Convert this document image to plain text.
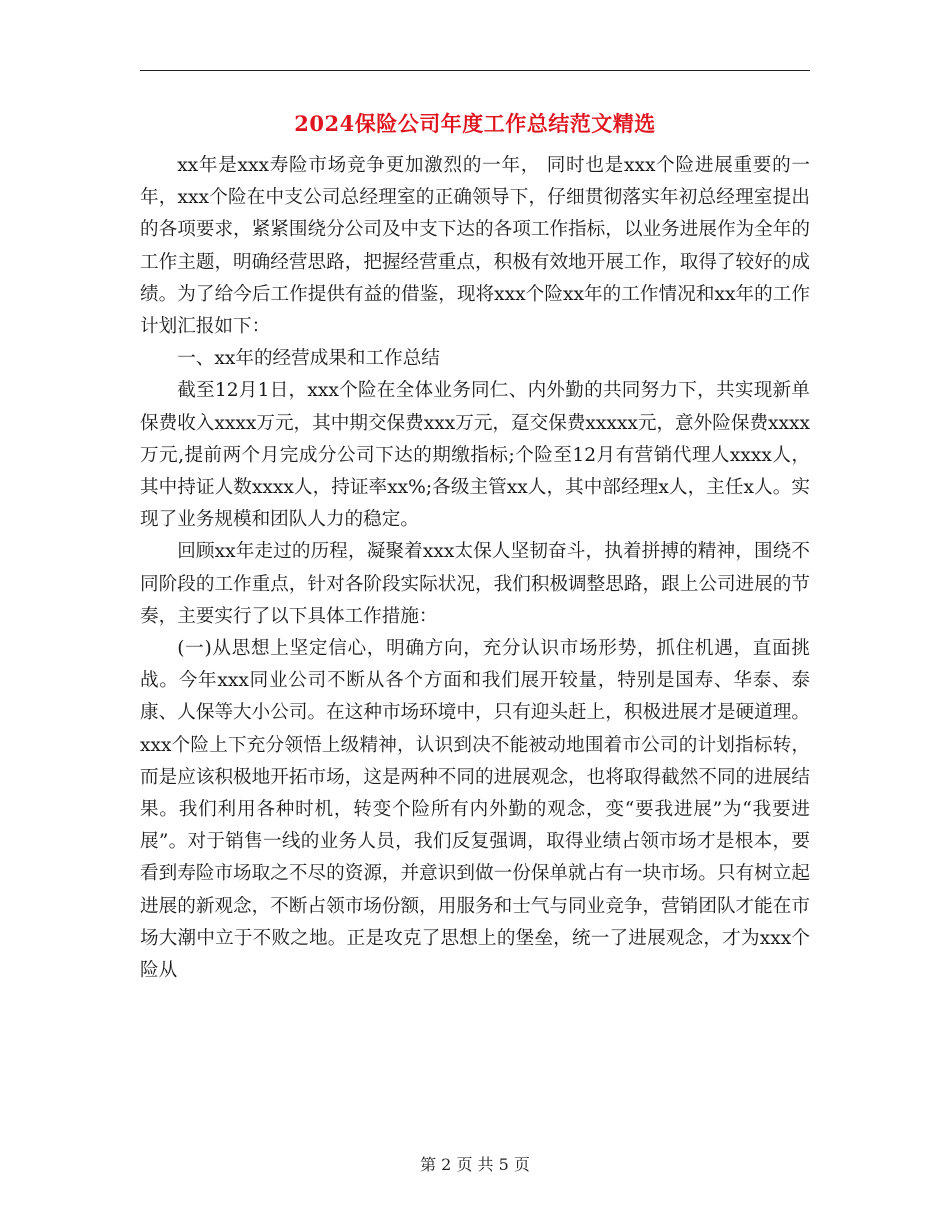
2024保险公司年度工作总结范文精选

xx年是xxx寿险市场竞争更加激烈的一年， 同时也是xxx个险进展重要的一年，xxx个险在中支公司总经理室的正确领导下，仔细贯彻落实年初总经理室提出的各项要求，紧紧围绕分公司及中支下达的各项工作指标，以业务进展作为全年的工作主题，明确经营思路，把握经营重点，积极有效地开展工作，取得了较好的成绩。为了给今后工作提供有益的借鉴，现将xxx个险xx年的工作情况和xx年的工作计划汇报如下：

一、xx年的经营成果和工作总结

截至12月1日，xxx个险在全体业务同仁、内外勤的共同努力下，共实现新单保费收入xxxx万元，其中期交保费xxx万元，趸交保费xxxxx元，意外险保费xxxx万元,提前两个月完成分公司下达的期缴指标;个险至12月有营销代理人xxxx人，其中持证人数xxxx人，持证率xx%;各级主管xx人，其中部经理x人，主任x人。实现了业务规模和团队人力的稳定。

回顾xx年走过的历程，凝聚着xxx太保人坚韧奋斗，执着拼搏的精神，围绕不同阶段的工作重点，针对各阶段实际状况，我们积极调整思路，跟上公司进展的节奏，主要实行了以下具体工作措施：

(一)从思想上坚定信心，明确方向，充分认识市场形势，抓住机遇，直面挑战。今年xxx同业公司不断从各个方面和我们展开较量，特别是国寿、华泰、泰康、人保等大小公司。在这种市场环境中，只有迎头赶上，积极进展才是硬道理。xxx个险上下充分领悟上级精神，认识到决不能被动地围着市公司的计划指标转，而是应该积极地开拓市场，这是两种不同的进展观念，也将取得截然不同的进展结果。我们利用各种时机，转变个险所有内外勤的观念，变“要我进展”为“我要进展”。对于销售一线的业务人员，我们反复强调，取得业绩占领市场才是根本，要看到寿险市场取之不尽的资源，并意识到做一份保单就占有一块市场。只有树立起进展的新观念，不断占领市场份额，用服务和士气与同业竞争，营销团队才能在市场大潮中立于不败之地。正是攻克了思想上的堡垒，统一了进展观念，才为xxx个险从

第 2 页 共 5 页
